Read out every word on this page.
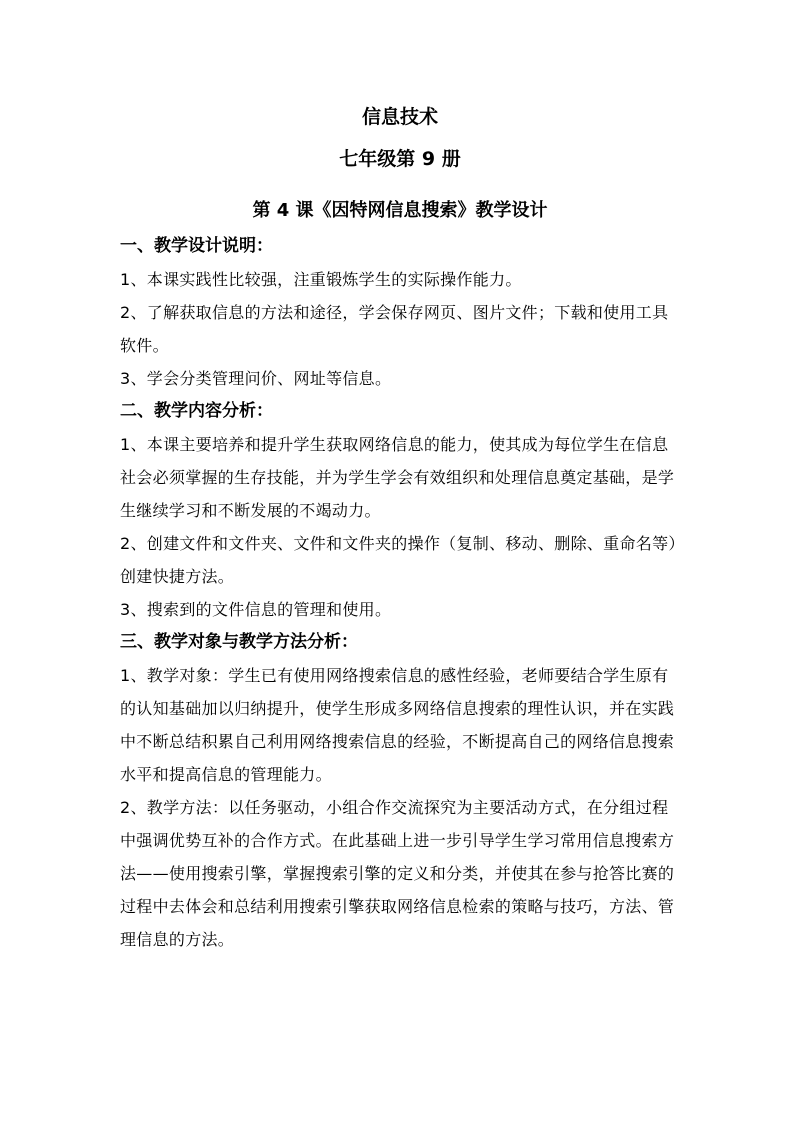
信息技术

七年级第 9 册

第 4 课《因特网信息搜索》教学设计

一、教学设计说明：

1、本课实践性比较强，注重锻炼学生的实际操作能力。

2、了解获取信息的方法和途径，学会保存网页、图片文件；下载和使用工具软件。

3、学会分类管理问价、网址等信息。

二、教学内容分析：

1、本课主要培养和提升学生获取网络信息的能力，使其成为每位学生在信息社会必须掌握的生存技能，并为学生学会有效组织和处理信息奠定基础，是学生继续学习和不断发展的不竭动力。

2、创建文件和文件夹、文件和文件夹的操作（复制、移动、删除、重命名等）创建快捷方法。

3、搜索到的文件信息的管理和使用。

三、教学对象与教学方法分析：

1、教学对象：学生已有使用网络搜索信息的感性经验，老师要结合学生原有的认知基础加以归纳提升，使学生形成多网络信息搜索的理性认识，并在实践中不断总结积累自己利用网络搜索信息的经验，不断提高自己的网络信息搜索水平和提高信息的管理能力。

2、教学方法：以任务驱动，小组合作交流探究为主要活动方式，在分组过程中强调优势互补的合作方式。在此基础上进一步引导学生学习常用信息搜索方法——使用搜索引擎，掌握搜索引擎的定义和分类，并使其在参与抢答比赛的过程中去体会和总结利用搜索引擎获取网络信息检索的策略与技巧，方法、管理信息的方法。
